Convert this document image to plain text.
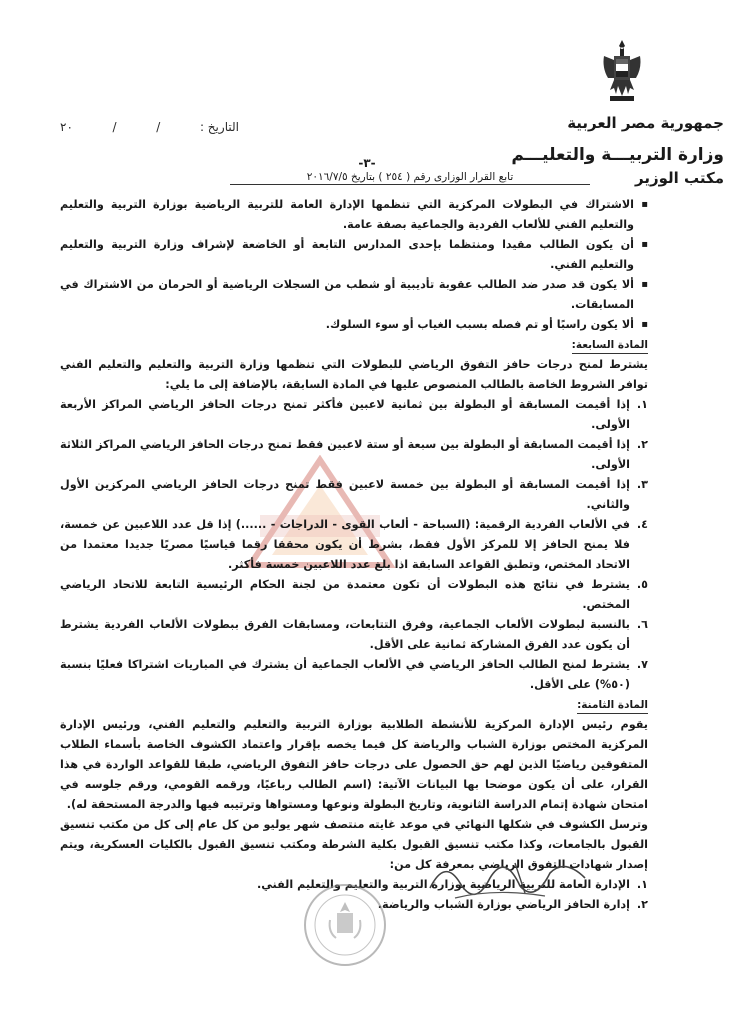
جمهورية مصر العربية
وزارة التربيـــة والتعليـــم
مكتب الوزير
التاريخ :  /  /  ٢٠
-٣-
تابع القرار الوزارى رقم ( ٢٥٤ ) بتاريخ ٢٠١٦/٧/٥
▪
الاشتراك في البطولات المركزية التي تنظمها الإدارة العامة للتربية الرياضية بوزارة التربية والتعليم والتعليم الفني للألعاب الفردية والجماعية بصفة عامة.
▪
أن يكون الطالب مقيدا ومنتظما بإحدى المدارس التابعة أو الخاضعة لإشراف وزارة التربية والتعليم والتعليم الفني.
▪
ألا يكون قد صدر ضد الطالب عقوبة تأديبية أو شطب من السجلات الرياضية أو الحرمان من الاشتراك في المسابقات.
▪
ألا يكون راسبًا أو تم فصله بسبب الغياب أو سوء السلوك.
المادة السابعة:

يشترط لمنح درجات حافز التفوق الرياضي للبطولات التي تنظمها وزارة التربية والتعليم والتعليم الفني توافر الشروط الخاصة بالطالب المنصوص عليها في المادة السابقة، بالإضافة إلى ما يلي:

١.
إذا أقيمت المسابقة أو البطولة بين ثمانية لاعبين فأكثر تمنح درجات الحافز الرياضي المراكز الأربعة الأولى.
٢.
إذا أقيمت المسابقة أو البطولة بين سبعة أو ستة لاعبين فقط تمنح درجات الحافز الرياضي المراكز الثلاثة الأولى.
٣.
إذا أقيمت المسابقة أو البطولة بين خمسة لاعبين فقط تمنح درجات الحافز الرياضي المركزين الأول والثاني.
٤.
في الألعاب الفردية الرقمية: (السباحة - ألعاب القوى - الدراجات - ......) إذا قل عدد اللاعبين عن خمسة، فلا يمنح الحافز إلا للمركز الأول فقط، بشرط أن يكون محققا رقما قياسيًا مصريًا جديدا معتمدا من الاتحاد المختص، وتطبق القواعد السابقة اذا بلغ عدد اللاعبين خمسة فأكثر.
٥.
يشترط في نتائج هذه البطولات أن تكون معتمدة من لجنة الحكام الرئيسية التابعة للاتحاد الرياضي المختص.
٦.
بالنسبة لبطولات الألعاب الجماعية، وفرق التتابعات، ومسابقات الفرق ببطولات الألعاب الفردية يشترط أن يكون عدد الفرق المشاركة ثمانية على الأقل.
٧.
يشترط لمنح الطالب الحافز الرياضي في الألعاب الجماعية أن يشترك في المباريات اشتراكا فعليًا بنسبة (٥٠%) على الأقل.
المادة الثامنة:

يقوم رئيس الإدارة المركزية للأنشطة الطلابية بوزارة التربية والتعليم والتعليم الفني، ورئيس الإدارة المركزية المختص بوزارة الشباب والرياضة كل فيما يخصه بإقرار واعتماد الكشوف الخاصة بأسماء الطلاب المتفوقين رياضيًا الذين لهم حق الحصول على درجات حافز التفوق الرياضي، طبقا للقواعد الواردة في هذا القرار، على أن يكون موضحا بها البيانات الآتية: (اسم الطالب رباعيًا، ورقمه القومي، ورقم جلوسه في امتحان شهادة إتمام الدراسة الثانوية، وتاريخ البطولة ونوعها ومستواها وترتيبه فيها والدرجة المستحقة له).

وترسل الكشوف في شكلها النهائي في موعد غايته منتصف شهر يوليو من كل عام إلى كل من مكتب تنسيق القبول بالجامعات، وكذا مكتب تنسيق القبول بكلية الشرطة ومكتب تنسيق القبول بالكليات العسكرية، ويتم إصدار شهادات التفوق الرياضي بمعرفة كل من:

١.
الإدارة العامة للتربية الرياضية بوزارة التربية والتعليم والتعليم الفني.
٢.
إدارة الحافز الرياضي بوزارة الشباب والرياضة.
